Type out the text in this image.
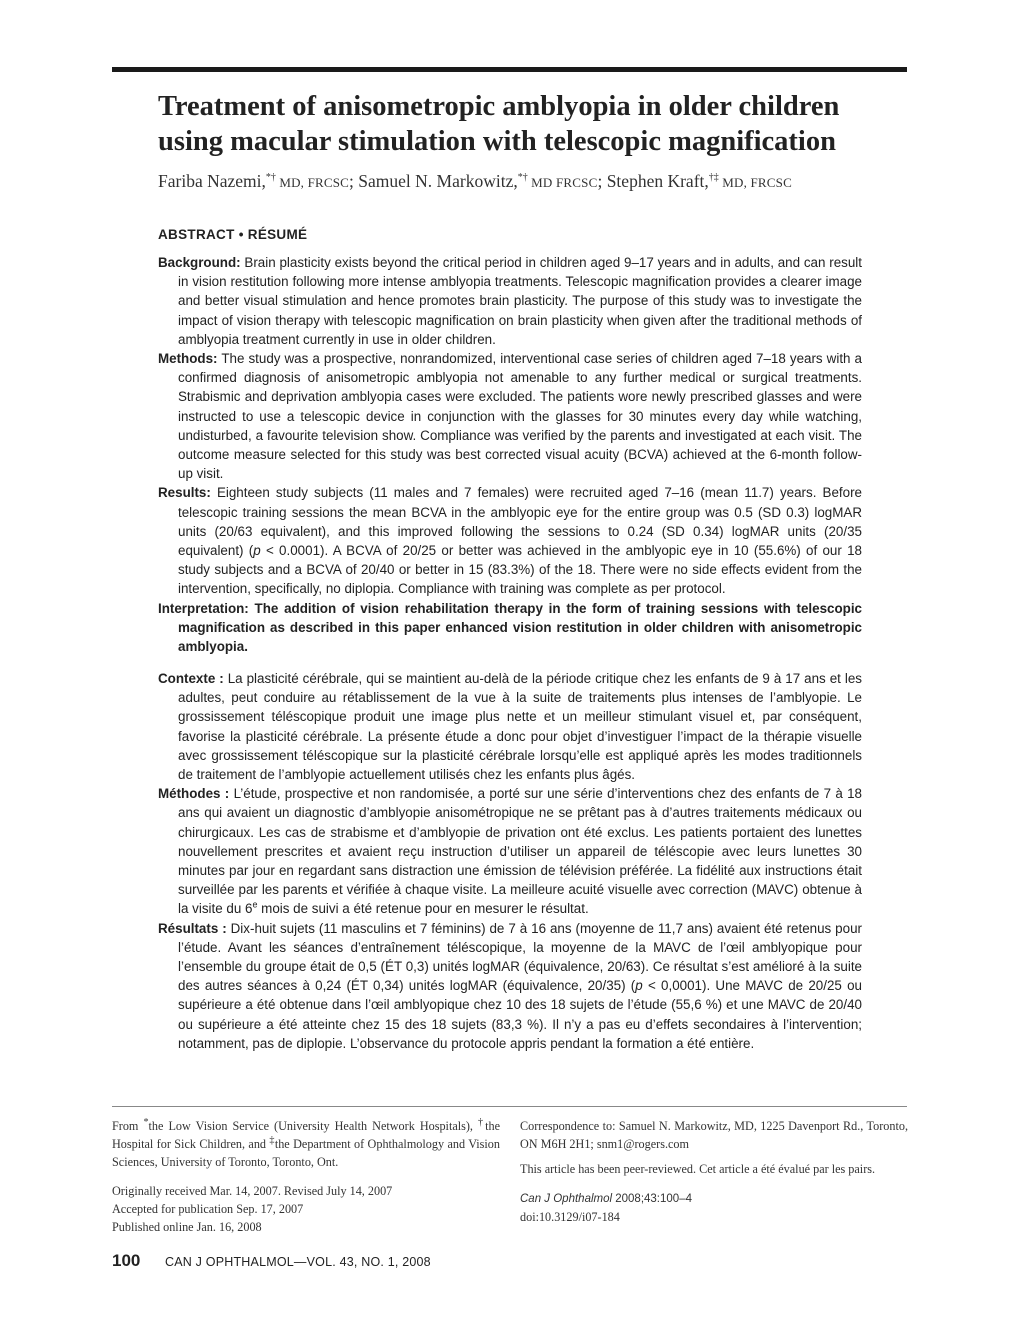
Treatment of anisometropic amblyopia in older children
using macular stimulation with telescopic magnification
Fariba Nazemi,*† MD, FRCSC; Samuel N. Markowitz,*† MD FRCSC; Stephen Kraft,†‡ MD, FRCSC
ABSTRACT • RÉSUMÉ

Background: Brain plasticity exists beyond the critical period in children aged 9–17 years and in adults, and can result in vision restitution following more intense amblyopia treatments. Telescopic magnification provides a clearer image and better visual stimulation and hence promotes brain plasticity. The purpose of this study was to investigate the impact of vision therapy with telescopic magnification on brain plasticity when given after the traditional methods of amblyopia treatment currently in use in older children.

Methods: The study was a prospective, nonrandomized, interventional case series of children aged 7–18 years with a confirmed diagnosis of anisometropic amblyopia not amenable to any further medical or surgical treatments. Strabismic and deprivation amblyopia cases were excluded. The patients wore newly prescribed glasses and were instructed to use a telescopic device in conjunction with the glasses for 30 minutes every day while watching, undisturbed, a favourite television show. Compliance was verified by the parents and investigated at each visit. The outcome measure selected for this study was best corrected visual acuity (BCVA) achieved at the 6-month follow-up visit.

Results: Eighteen study subjects (11 males and 7 females) were recruited aged 7–16 (mean 11.7) years. Before telescopic training sessions the mean BCVA in the amblyopic eye for the entire group was 0.5 (SD 0.3) logMAR units (20/63 equivalent), and this improved following the sessions to 0.24 (SD 0.34) logMAR units (20/35 equivalent) (p < 0.0001). A BCVA of 20/25 or better was achieved in the amblyopic eye in 10 (55.6%) of our 18 study subjects and a BCVA of 20/40 or better in 15 (83.3%) of the 18. There were no side effects evident from the intervention, specifically, no diplopia. Compliance with training was complete as per protocol.

Interpretation: The addition of vision rehabilitation therapy in the form of training sessions with telescopic magnification as described in this paper enhanced vision restitution in older children with anisometropic amblyopia.

Contexte : La plasticité cérébrale, qui se maintient au-delà de la période critique chez les enfants de 9 à 17 ans et les adultes, peut conduire au rétablissement de la vue à la suite de traitements plus intenses de l’amblyopie. Le grossissement téléscopique produit une image plus nette et un meilleur stimulant visuel et, par conséquent, favorise la plasticité cérébrale. La présente étude a donc pour objet d’investiguer l’impact de la thérapie visuelle avec grossissement téléscopique sur la plasticité cérébrale lorsqu’elle est appliqué après les modes traditionnels de traitement de l’amblyopie actuellement utilisés chez les enfants plus âgés.

Méthodes : L’étude, prospective et non randomisée, a porté sur une série d’interventions chez des enfants de 7 à 18 ans qui avaient un diagnostic d’amblyopie anisométropique ne se prêtant pas à d’autres traitements médicaux ou chirurgicaux. Les cas de strabisme et d’amblyopie de privation ont été exclus. Les patients portaient des lunettes nouvellement prescrites et avaient reçu instruction d’utiliser un appareil de téléscopie avec leurs lunettes 30 minutes par jour en regardant sans distraction une émission de télévision préférée. La fidélité aux instructions était surveillée par les parents et vérifiée à chaque visite. La meilleure acuité visuelle avec correction (MAVC) obtenue à la visite du 6e mois de suivi a été retenue pour en mesurer le résultat.

Résultats : Dix-huit sujets (11 masculins et 7 féminins) de 7 à 16 ans (moyenne de 11,7 ans) avaient été retenus pour l’étude. Avant les séances d’entraînement téléscopique, la moyenne de la MAVC de l’œil amblyopique pour l’ensemble du groupe était de 0,5 (ÉT 0,3) unités logMAR (équivalence, 20/63). Ce résultat s’est amélioré à la suite des autres séances à 0,24 (ÉT 0,34) unités logMAR (équivalence, 20/35) (p < 0,0001). Une MAVC de 20/25 ou supérieure a été obtenue dans l’œil amblyopique chez 10 des 18 sujets de l’étude (55,6 %) et une MAVC de 20/40 ou supérieure a été atteinte chez 15 des 18 sujets (83,3 %). Il n’y a pas eu d’effets secondaires à l’intervention; notamment, pas de diplopie. L’observance du protocole appris pendant la formation a été entière.

From *the Low Vision Service (University Health Network Hospitals), †the Hospital for Sick Children, and ‡the Department of Ophthalmology and Vision Sciences, University of Toronto, Toronto, Ont.
Originally received Mar. 14, 2007. Revised July 14, 2007
Accepted for publication Sep. 17, 2007
Published online Jan. 16, 2008
Correspondence to: Samuel N. Markowitz, MD, 1225 Davenport Rd., Toronto, ON M6H 2H1; snm1@rogers.com
This article has been peer-reviewed. Cet article a été évalué par les pairs.
Can J Ophthalmol 2008;43:100–4
doi:10.3129/i07-184
100 CAN J OPHTHALMOL—VOL. 43, NO. 1, 2008
